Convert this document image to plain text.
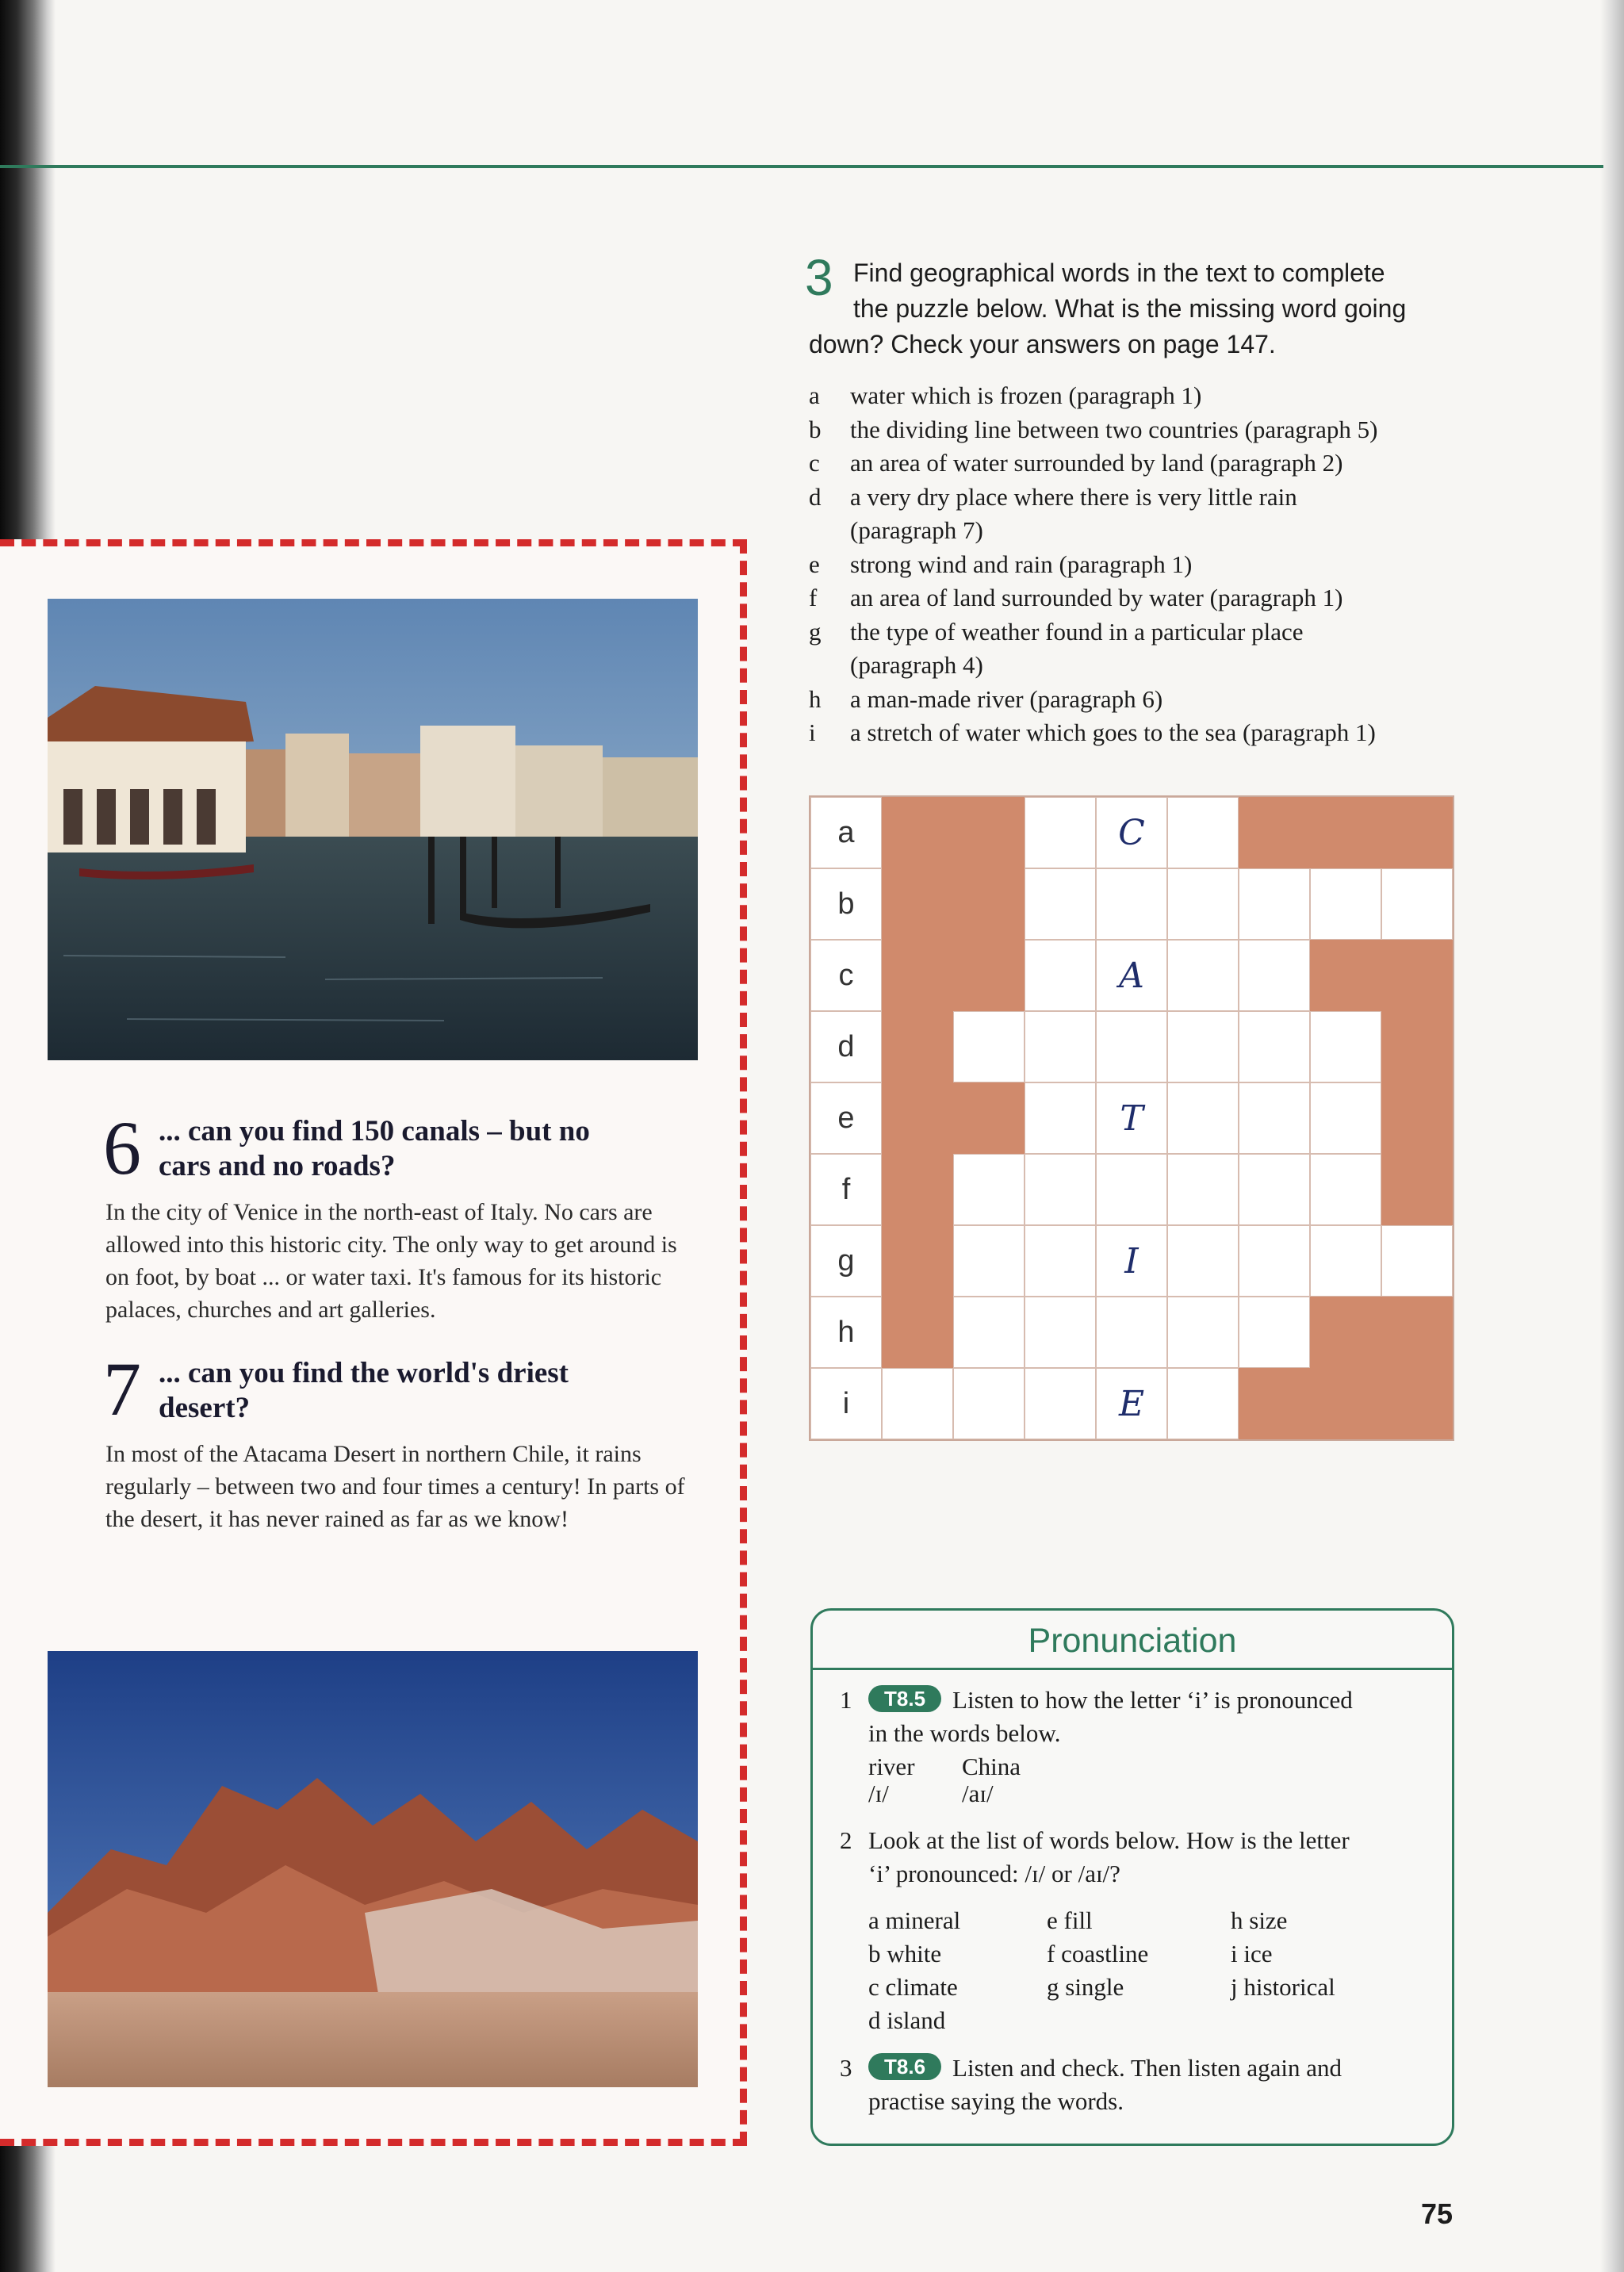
6 ... can you find 150 canals – but no
cars and no roads?
In the city of Venice in the north-east of Italy. No cars are allowed into this historic city. The only way to get around is on foot, by boat ... or water taxi. It's famous for its historic palaces, churches and art galleries.
7 ... can you find the world's driest
desert?
In most of the Atacama Desert in northern Chile, it rains regularly – between two and four times a century! In parts of the desert, it has never rained as far as we know!
3 Find geographical words in the text to complete
the puzzle below. What is the missing word going
down? Check your answers on page 147.
a	water which is frozen (paragraph 1)
b	the dividing line between two countries (paragraph 5)
c	an area of water surrounded by land (paragraph 2)
d	a very dry place where there is very little rain
(paragraph 7)
e	strong wind and rain (paragraph 1)
f	an area of land surrounded by water (paragraph 1)
g	the type of weather found in a particular place
(paragraph 4)
h	a man-made river (paragraph 6)
i	a stretch of water which goes to the sea (paragraph 1)
a	C
b
c	A
d
e	T
f
g	I
h
i	E
Pronunciation
1	T8.5 Listen to how the letter ‘i’ is pronounced
in the words below.
river
/ɪ/
China
/aɪ/
2 Look at the list of words below. How is the letter
‘i’ pronounced: /ɪ/ or /aɪ/?
a mineral
b white
c climate
d island
e fill
f coastline
g single
h size
i ice
j historical
3	T8.6 Listen and check. Then listen again and
practise saying the words.
75
